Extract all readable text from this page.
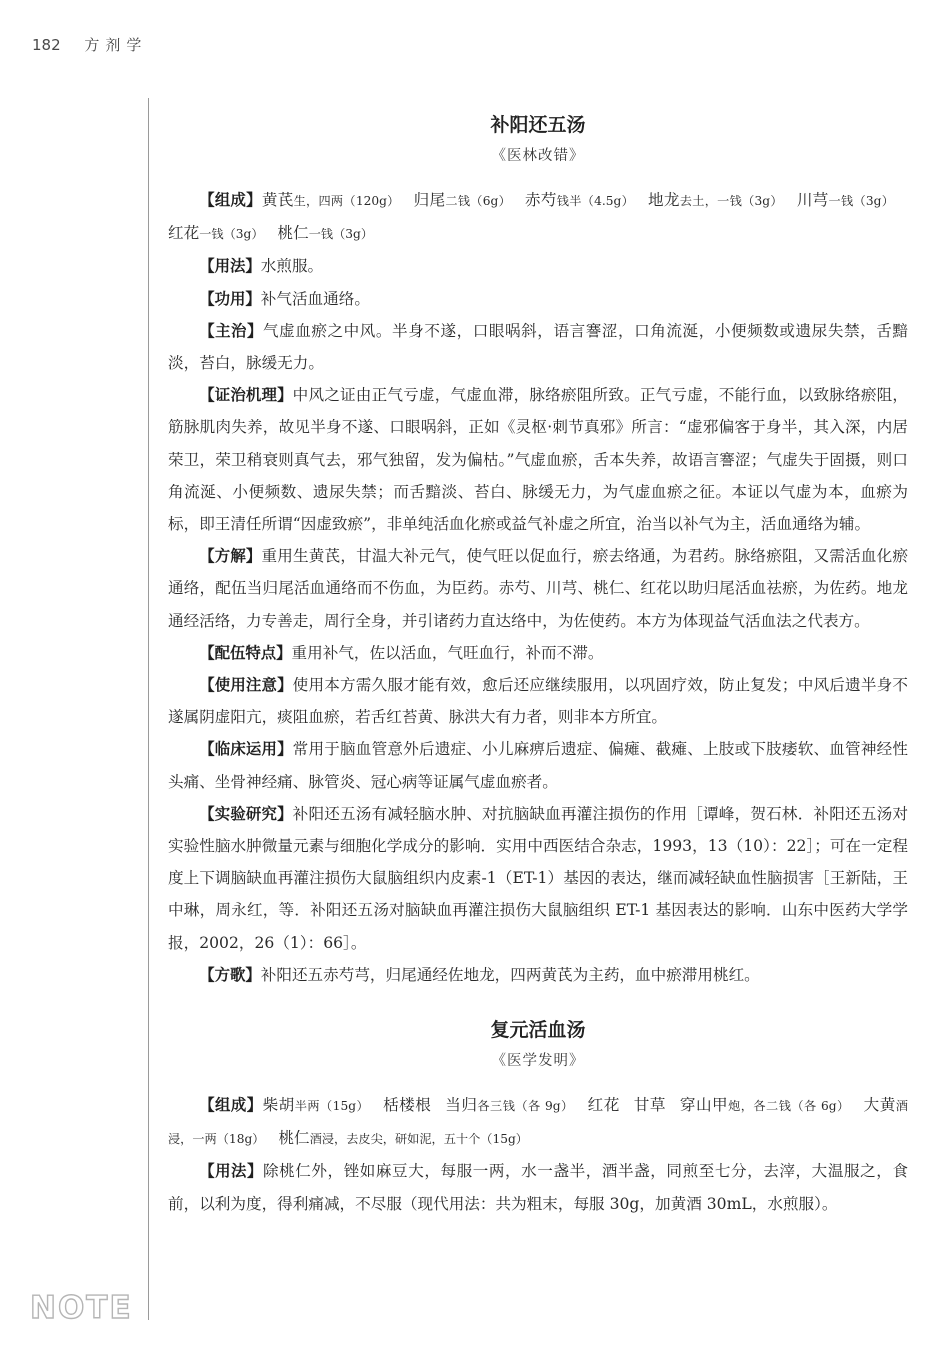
182 方剂学
NOTE
补阳还五汤
《医林改错》

【组成】黄芪生，四两（120g） 归尾二钱（6g） 赤芍钱半（4.5g） 地龙去土，一钱（3g） 川芎一钱（3g）红花一钱（3g） 桃仁一钱（3g）

【用法】水煎服。

【功用】补气活血通络。

【主治】气虚血瘀之中风。半身不遂，口眼㖞斜，语言謇涩，口角流涎，小便频数或遗尿失禁，舌黯淡，苔白，脉缓无力。

【证治机理】中风之证由正气亏虚，气虚血滞，脉络瘀阻所致。正气亏虚，不能行血，以致脉络瘀阻，筋脉肌肉失养，故见半身不遂、口眼㖞斜，正如《灵枢·刺节真邪》所言：“虚邪偏客于身半，其入深，内居荣卫，荣卫稍衰则真气去，邪气独留，发为偏枯。”气虚血瘀，舌本失养，故语言謇涩；气虚失于固摄，则口角流涎、小便频数、遗尿失禁；而舌黯淡、苔白、脉缓无力，为气虚血瘀之征。本证以气虚为本，血瘀为标，即王清任所谓“因虚致瘀”，非单纯活血化瘀或益气补虚之所宜，治当以补气为主，活血通络为辅。

【方解】重用生黄芪，甘温大补元气，使气旺以促血行，瘀去络通，为君药。脉络瘀阻，又需活血化瘀通络，配伍当归尾活血通络而不伤血，为臣药。赤芍、川芎、桃仁、红花以助归尾活血祛瘀，为佐药。地龙通经活络，力专善走，周行全身，并引诸药力直达络中，为佐使药。本方为体现益气活血法之代表方。

【配伍特点】重用补气，佐以活血，气旺血行，补而不滞。

【使用注意】使用本方需久服才能有效，愈后还应继续服用，以巩固疗效，防止复发；中风后遗半身不遂属阴虚阳亢，痰阻血瘀，若舌红苔黄、脉洪大有力者，则非本方所宜。

【临床运用】常用于脑血管意外后遗症、小儿麻痹后遗症、偏瘫、截瘫、上肢或下肢痿软、血管神经性头痛、坐骨神经痛、脉管炎、冠心病等证属气虚血瘀者。

【实验研究】补阳还五汤有减轻脑水肿、对抗脑缺血再灌注损伤的作用［谭峰，贺石林．补阳还五汤对实验性脑水肿微量元素与细胞化学成分的影响．实用中西医结合杂志，1993，13（10）：22］；可在一定程度上下调脑缺血再灌注损伤大鼠脑组织内皮素-1（ET-1）基因的表达，继而减轻缺血性脑损害［王新陆，王中琳，周永红，等．补阳还五汤对脑缺血再灌注损伤大鼠脑组织 ET-1 基因表达的影响．山东中医药大学学报，2002，26（1）：66］。

【方歌】补阳还五赤芍芎，归尾通经佐地龙，四两黄芪为主药，血中瘀滞用桃红。

复元活血汤
《医学发明》

【组成】柴胡半两（15g） 栝楼根 当归各三钱（各 9g） 红花 甘草 穿山甲炮，各二钱（各 6g） 大黄酒浸，一两（18g） 桃仁酒浸，去皮尖，研如泥，五十个（15g）

【用法】除桃仁外，锉如麻豆大，每服一两，水一盏半，酒半盏，同煎至七分，去滓，大温服之，食前，以利为度，得利痛减，不尽服（现代用法：共为粗末，每服 30g，加黄酒 30mL，水煎服）。
